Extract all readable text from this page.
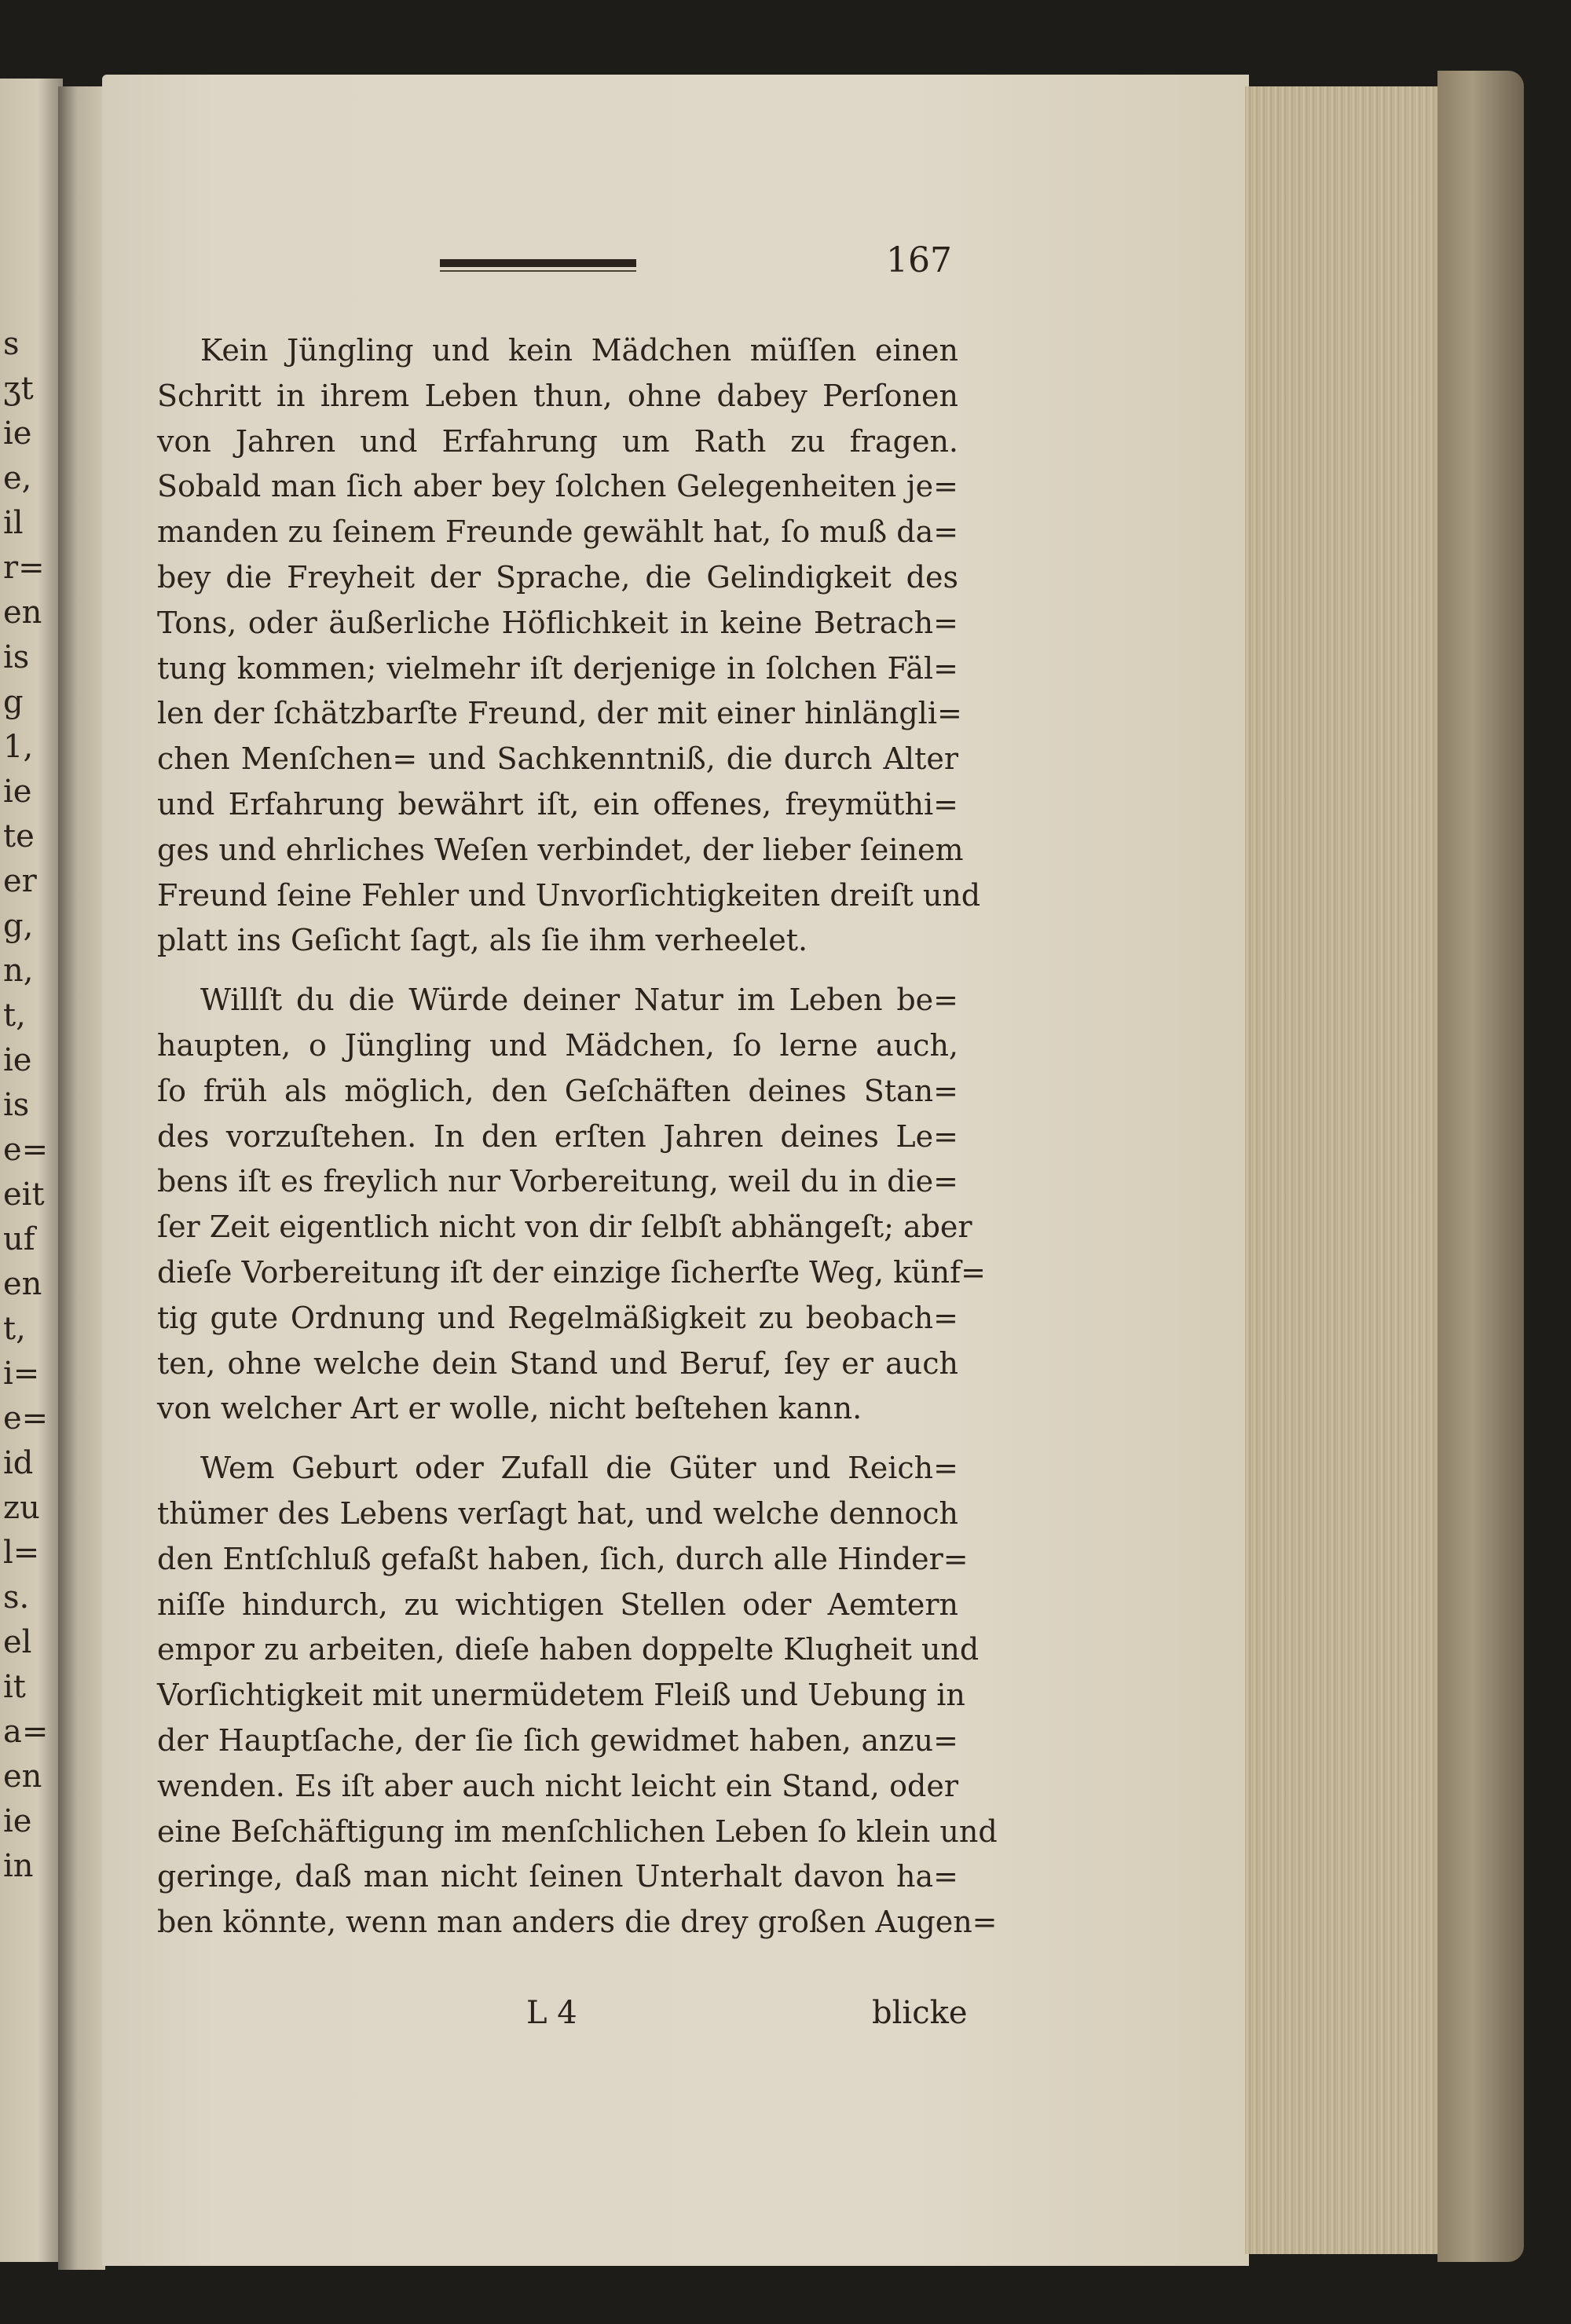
s
ʒt
ie
e,
il
r=
en
is
g
1,
ie
te
er
g,
n,
t,
ie
is
e=
eit
uf
en
t,
i=
e=
id
zu
l=
s.
el
it
a=
en
ie
in
167
Kein Jüngling und kein Mädchen müſſen einen
Schritt in ihrem Leben thun, ohne dabey Perſonen
von Jahren und Erfahrung um Rath zu fragen.
Sobald man ſich aber bey ſolchen Gelegenheiten je=
manden zu ſeinem Freunde gewählt hat, ſo muß da=
bey die Freyheit der Sprache, die Gelindigkeit des
Tons, oder äußerliche Höflichkeit in keine Betrach=
tung kommen; vielmehr iſt derjenige in ſolchen Fäl=
len der ſchätzbarſte Freund, der mit einer hinlängli=
chen Menſchen= und Sachkenntniß, die durch Alter
und Erfahrung bewährt iſt, ein offenes, freymüthi=
ges und ehrliches Weſen verbindet, der lieber ſeinem
Freund ſeine Fehler und Unvorſichtigkeiten dreiſt und
platt ins Geſicht ſagt, als ſie ihm verheelet.
Willſt du die Würde deiner Natur im Leben be=
haupten, o Jüngling und Mädchen, ſo lerne auch,
ſo früh als möglich, den Geſchäften deines Stan=
des vorzuſtehen. In den erſten Jahren deines Le=
bens iſt es freylich nur Vorbereitung, weil du in die=
ſer Zeit eigentlich nicht von dir ſelbſt abhängeſt; aber
dieſe Vorbereitung iſt der einzige ſicherſte Weg, künf=
tig gute Ordnung und Regelmäßigkeit zu beobach=
ten, ohne welche dein Stand und Beruf, ſey er auch
von welcher Art er wolle, nicht beſtehen kann.
Wem Geburt oder Zufall die Güter und Reich=
thümer des Lebens verſagt hat, und welche dennoch
den Entſchluß gefaßt haben, ſich, durch alle Hinder=
niſſe hindurch, zu wichtigen Stellen oder Aemtern
empor zu arbeiten, dieſe haben doppelte Klugheit und
Vorſichtigkeit mit unermüdetem Fleiß und Uebung in
der Hauptſache, der ſie ſich gewidmet haben, anzu=
wenden. Es iſt aber auch nicht leicht ein Stand, oder
eine Beſchäftigung im menſchlichen Leben ſo klein und
geringe, daß man nicht ſeinen Unterhalt davon ha=
ben könnte, wenn man anders die drey großen Augen=
L 4	blicke
